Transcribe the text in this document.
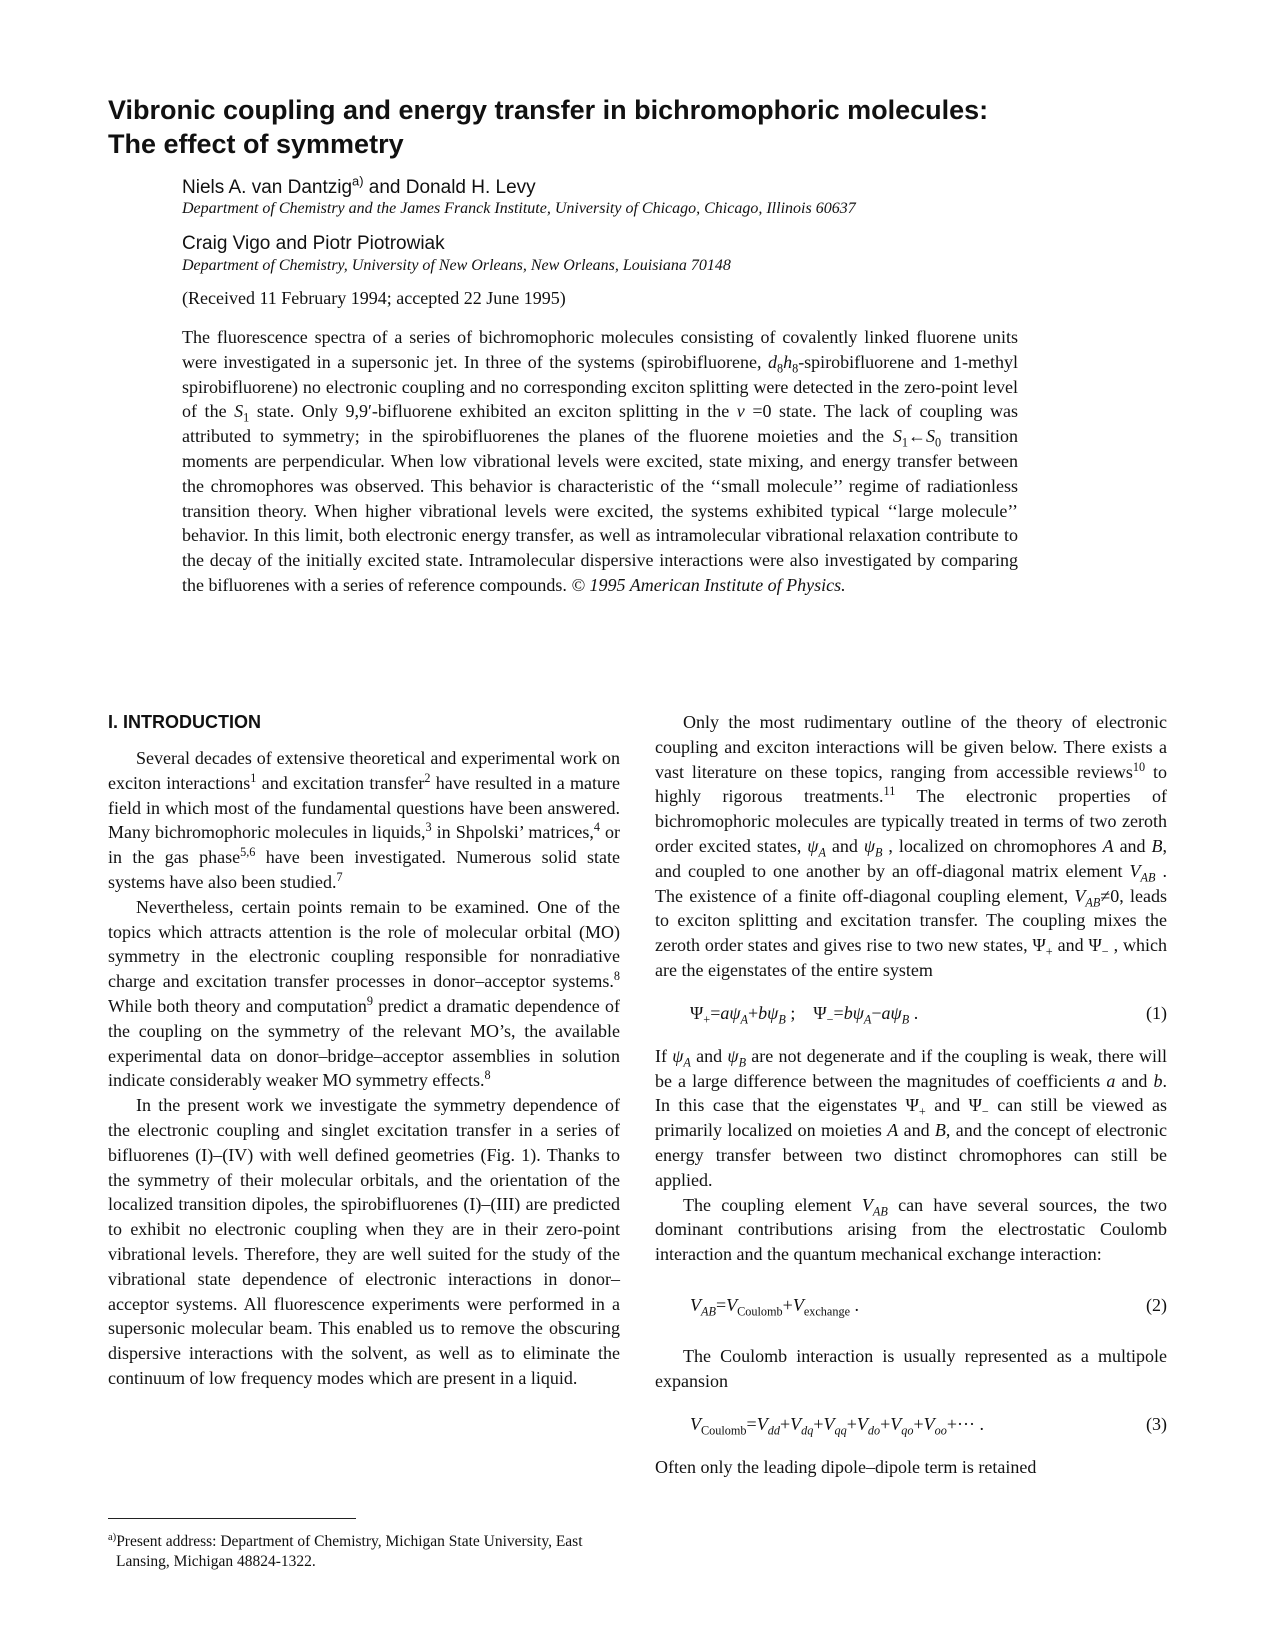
Vibronic coupling and energy transfer in bichromophoric molecules:
The effect of symmetry
Niels A. van Dantzig$^{a)}$ and Donald H. Levy
Department of Chemistry and the James Franck Institute, University of Chicago, Chicago, Illinois 60637
Craig Vigo and Piotr Piotrowiak
Department of Chemistry, University of New Orleans, New Orleans, Louisiana 70148
(Received 11 February 1994; accepted 22 June 1995)

The fluorescence spectra of a series of bichromophoric molecules consisting of covalently linked fluorene units were investigated in a supersonic jet. In three of the systems (spirobifluorene, $d_8h_8$-spirobifluorene and 1-methyl spirobifluorene) no electronic coupling and no corresponding exciton splitting were detected in the zero-point level of the $S_1$ state. Only 9,9′-bifluorene exhibited an exciton splitting in the v =0 state. The lack of coupling was attributed to symmetry; in the spirobifluorenes the planes of the fluorene moieties and the $S_1\leftarrow S_0$ transition moments are perpendicular. When low vibrational levels were excited, state mixing, and energy transfer between the chromophores was observed. This behavior is characteristic of the ‘‘small molecule’’ regime of radiationless transition theory. When higher vibrational levels were excited, the systems exhibited typical ‘‘large molecule’’ behavior. In this limit, both electronic energy transfer, as well as intramolecular vibrational relaxation contribute to the decay of the initially excited state. Intramolecular dispersive interactions were also investigated by comparing the bifluorenes with a series of reference compounds. © 1995 American Institute of Physics.

I. INTRODUCTION

Several decades of extensive theoretical and experimental work on exciton interactions$^1$ and excitation transfer$^2$ have resulted in a mature field in which most of the fundamental questions have been answered. Many bichromophoric molecules in liquids,$^3$ in Shpolski’ matrices,$^4$ or in the gas phase$^{5,6}$ have been investigated. Numerous solid state systems have also been studied.$^7$

Nevertheless, certain points remain to be examined. One of the topics which attracts attention is the role of molecular orbital (MO) symmetry in the electronic coupling responsible for nonradiative charge and excitation transfer processes in donor–acceptor systems.$^8$ While both theory and computation$^9$ predict a dramatic dependence of the coupling on the symmetry of the relevant MO’s, the available experimental data on donor–bridge–acceptor assemblies in solution indicate considerably weaker MO symmetry effects.$^8$

In the present work we investigate the symmetry dependence of the electronic coupling and singlet excitation transfer in a series of bifluorenes (I)–(IV) with well defined geometries (Fig. 1). Thanks to the symmetry of their molecular orbitals, and the orientation of the localized transition dipoles, the spirobifluorenes (I)–(III) are predicted to exhibit no electronic coupling when they are in their zero-point vibrational levels. Therefore, they are well suited for the study of the vibrational state dependence of electronic interactions in donor–acceptor systems. All fluorescence experiments were performed in a supersonic molecular beam. This enabled us to remove the obscuring dispersive interactions with the solvent, as well as to eliminate the continuum of low frequency modes which are present in a liquid.

Only the most rudimentary outline of the theory of electronic coupling and exciton interactions will be given below. There exists a vast literature on these topics, ranging from accessible reviews$^{10}$ to highly rigorous treatments.$^{11}$ The electronic properties of bichromophoric molecules are typically treated in terms of two zeroth order excited states, $\psi_A$ and $\psi_B$ , localized on chromophores A and B, and coupled to one another by an off-diagonal matrix element $V_{AB}$ . The existence of a finite off-diagonal coupling element, $V_{AB}\ne 0$, leads to exciton splitting and excitation transfer. The coupling mixes the zeroth order states and gives rise to two new states, $\Psi_+$ and $\Psi_-$ , which are the eigenstates of the entire system

$\Psi_+=a\psi_A+b\psi_B$ ;    $\Psi_-=b\psi_A-a\psi_B$ .	(1)

If $\psi_A$ and $\psi_B$ are not degenerate and if the coupling is weak, there will be a large difference between the magnitudes of coefficients a and b. In this case that the eigenstates $\Psi_+$ and $\Psi_-$ can still be viewed as primarily localized on moieties A and B, and the concept of electronic energy transfer between two distinct chromophores can still be applied.

The coupling element $V_{AB}$ can have several sources, the two dominant contributions arising from the electrostatic Coulomb interaction and the quantum mechanical exchange interaction:

$V_{AB}=V_{Coulomb}+V_{exchange}$ .	(2)

The Coulomb interaction is usually represented as a multipole expansion

$V_{Coulomb}=V_{dd}+V_{dq}+V_{qq}+V_{do}+V_{qo}+V_{oo}+\cdot\cdot\cdot$ .	(3)

Often only the leading dipole–dipole term is retained

$^{a)}$Present address: Department of Chemistry, Michigan State University, East
Lansing, Michigan 48824-1322.
